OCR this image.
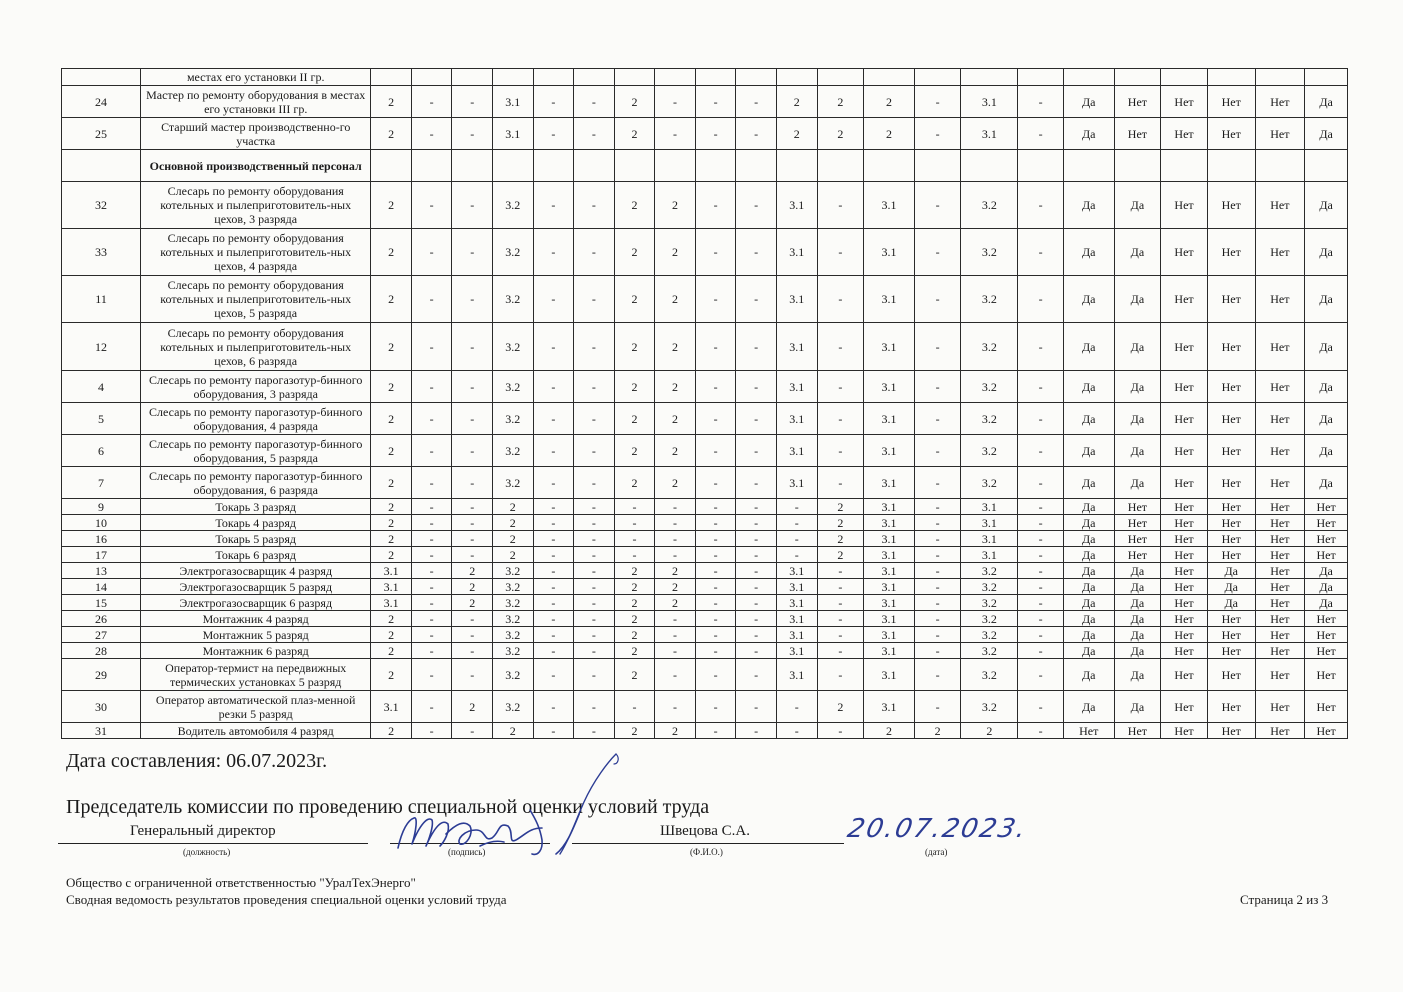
	местах его установки II гр.																						
24	Мастер по ремонту оборудования в местах его установки III гр.	2	-	-	3.1	-	-	2	-	-	-	2	2	2	-	3.1	-	Да	Нет	Нет	Нет	Нет	Да
25	Старший мастер производственно-го участка	2	-	-	3.1	-	-	2	-	-	-	2	2	2	-	3.1	-	Да	Нет	Нет	Нет	Нет	Да
	Основной производственный персонал																						
32	Слесарь по ремонту оборудования котельных и пылеприготовитель-ных цехов, 3 разряда	2	-	-	3.2	-	-	2	2	-	-	3.1	-	3.1	-	3.2	-	Да	Да	Нет	Нет	Нет	Да
33	Слесарь по ремонту оборудования котельных и пылеприготовитель-ных цехов, 4 разряда	2	-	-	3.2	-	-	2	2	-	-	3.1	-	3.1	-	3.2	-	Да	Да	Нет	Нет	Нет	Да
11	Слесарь по ремонту оборудования котельных и пылеприготовитель-ных цехов, 5 разряда	2	-	-	3.2	-	-	2	2	-	-	3.1	-	3.1	-	3.2	-	Да	Да	Нет	Нет	Нет	Да
12	Слесарь по ремонту оборудования котельных и пылеприготовитель-ных цехов, 6 разряда	2	-	-	3.2	-	-	2	2	-	-	3.1	-	3.1	-	3.2	-	Да	Да	Нет	Нет	Нет	Да
4	Слесарь по ремонту парогазотур-бинного оборудования, 3 разряда	2	-	-	3.2	-	-	2	2	-	-	3.1	-	3.1	-	3.2	-	Да	Да	Нет	Нет	Нет	Да
5	Слесарь по ремонту парогазотур-бинного оборудования, 4 разряда	2	-	-	3.2	-	-	2	2	-	-	3.1	-	3.1	-	3.2	-	Да	Да	Нет	Нет	Нет	Да
6	Слесарь по ремонту парогазотур-бинного оборудования, 5 разряда	2	-	-	3.2	-	-	2	2	-	-	3.1	-	3.1	-	3.2	-	Да	Да	Нет	Нет	Нет	Да
7	Слесарь по ремонту парогазотур-бинного оборудования, 6 разряда	2	-	-	3.2	-	-	2	2	-	-	3.1	-	3.1	-	3.2	-	Да	Да	Нет	Нет	Нет	Да
9	Токарь 3 разряд	2	-	-	2	-	-	-	-	-	-	-	2	3.1	-	3.1	-	Да	Нет	Нет	Нет	Нет	Нет
10	Токарь 4 разряд	2	-	-	2	-	-	-	-	-	-	-	2	3.1	-	3.1	-	Да	Нет	Нет	Нет	Нет	Нет
16	Токарь 5 разряд	2	-	-	2	-	-	-	-	-	-	-	2	3.1	-	3.1	-	Да	Нет	Нет	Нет	Нет	Нет
17	Токарь 6 разряд	2	-	-	2	-	-	-	-	-	-	-	2	3.1	-	3.1	-	Да	Нет	Нет	Нет	Нет	Нет
13	Электрогазосварщик 4 разряд	3.1	-	2	3.2	-	-	2	2	-	-	3.1	-	3.1	-	3.2	-	Да	Да	Нет	Да	Нет	Да
14	Электрогазосварщик 5 разряд	3.1	-	2	3.2	-	-	2	2	-	-	3.1	-	3.1	-	3.2	-	Да	Да	Нет	Да	Нет	Да
15	Электрогазосварщик 6 разряд	3.1	-	2	3.2	-	-	2	2	-	-	3.1	-	3.1	-	3.2	-	Да	Да	Нет	Да	Нет	Да
26	Монтажник 4 разряд	2	-	-	3.2	-	-	2	-	-	-	3.1	-	3.1	-	3.2	-	Да	Да	Нет	Нет	Нет	Нет
27	Монтажник 5 разряд	2	-	-	3.2	-	-	2	-	-	-	3.1	-	3.1	-	3.2	-	Да	Да	Нет	Нет	Нет	Нет
28	Монтажник 6 разряд	2	-	-	3.2	-	-	2	-	-	-	3.1	-	3.1	-	3.2	-	Да	Да	Нет	Нет	Нет	Нет
29	Оператор-термист на передвижных термических установках 5 разряд	2	-	-	3.2	-	-	2	-	-	-	3.1	-	3.1	-	3.2	-	Да	Да	Нет	Нет	Нет	Нет
30	Оператор автоматической плаз-менной резки 5 разряд	3.1	-	2	3.2	-	-	-	-	-	-	-	2	3.1	-	3.2	-	Да	Да	Нет	Нет	Нет	Нет
31	Водитель автомобиля 4 разряд	2	-	-	2	-	-	2	2	-	-	-	-	2	2	2	-	Нет	Нет	Нет	Нет	Нет	Нет
Дата составления: 06.07.2023г.
Председатель комиссии по проведению специальной оценки условий труда
Генеральный директор
(должность)	(подпись)
Швецова С.А.
(Ф.И.О.)
20.07.2023.
(дата)
Общество с ограниченной ответственностью "УралТехЭнерго"
Сводная ведомость результатов проведения специальной оценки условий труда	Страница 2 из 3
